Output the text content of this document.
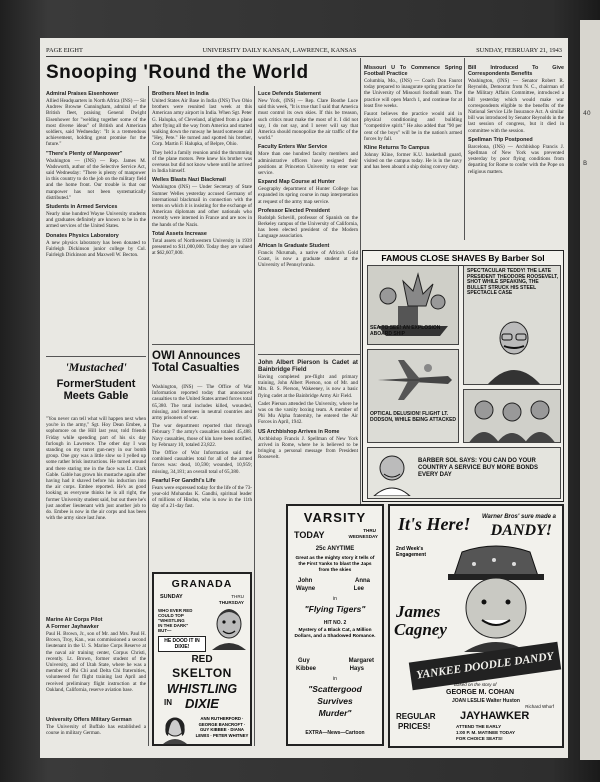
40
B
PAGE EIGHT	UNIVERSITY DAILY KANSAN, LAWRENCE, KANSAS	SUNDAY, FEBRUARY 21, 1943
Snooping 'Round the World
Admiral Praises Eisenhower

Allied Headquarters in North Africa (INS) — Sir Andrew Browne Cunningham, admiral of the British fleet, praising General Dwight Eisenhower for "welding together some of the most diverse ideas" of British and American soldiers, said Wednesday: "It is a tremendous achievement, holding great promise for the future."

"There's Plenty of Manpower"

Washington — (INS) — Rep. James M. Wadsworth, author of the Selective Service Act, said Wednesday: "There is plenty of manpower in this country to do the job on the military field and the home front. Our trouble is that our manpower has not been systematically distributed."

Students in Armed Services

Nearly nine hundred Wayne University students and graduates definitely are known to be in the armed services of the United States.

Donates Physics Laboratory

A new physics laboratory has been donated to Fairleigh Dickinson junior college by Col. Fairleigh Dickinson and Maxwell W. Becton.

Brothers Meet in India

United States Air Base in India (INS) Two Ohio brothers were reunited last week at this American army airport in India. When Sgt. Peter G. Halupka, of Cleveland, alighted from a plane after flying all the way from America and started walking down the runway he heard someone call "Hey, Pete." He turned and spotted his brother, Corp. Martin F. Halupka, of Belpre, Ohio.

They held a family reunion amid the thrumming of the plane motors. Pete knew his brother was overseas but did not know where until he arrived in India himself.

Welles Blasts Nazi Blackmail

Washington (INS) — Under Secretary of State Sumner Welles yesterday accused Germany of international blackmail in connection with the terms on which it is insisting for the exchange of American diplomats and other nationals who recently were interned in France and are now in the hands of the Nazis.

Total Assets Increase

Total assets of Northwestern University in 1939 presented to $11,000,000. Today they are valued at $62,607,000.

Luce Defends Statement

New York, (INS) — Rep. Clare Boothe Luce said this week, "It is true that I said that America must control its own skies. If this be treason, such critics must make the most of it. I did not say, I do not say, and I never will say that America should monopolize the air traffic of the world."

Faculty Enters War Service

More than one hundred faculty members and administrative officers have resigned their positions at Princeton University to enter war service.

Expand Map Course at Hunter

Geography department of Hunter College has expanded its spring course in map interpretation at request of the army map service.

Professor Elected President

Rudolph Schevill, professor of Spanish on the Berkeley campus of the University of California, has been elected president of the Modern Language association.

African Is Graduate Student

Francis Nkrumah, a native of Africa's Gold Coast, is now a graduate student at the University of Pennsylvania.

Missouri U To Commence Spring Football Practice

Columbia, Mo., (INS) — Coach Don Faurot today prepared to inaugurate spring practice for the University of Missouri football team. The practice will open March 1, and continue for at least five weeks.

Faurot believes the practice would aid in physical conditioning and building "competitive spirit." He also added that "90 per cent of the boys" will be in the nation's armed forces by fall.

Kline Returns To Campus

Johnny Kline, former K.U. basketball guard, visited on the campus today. He is in the navy and has been aboard a ship doing convoy duty.

Bill Introduced To Give Correspondents Benefits

Washington, (INS) — Senator Robert R. Reynolds, Democrat from N. C., chairman of the Military Affairs Committee, introduced a bill yesterday which would make war correspondents eligible to the benefits of the National Service Life Insurance Act. A similar bill was introduced by Senator Reynolds in the last session of congress, but it died in committee with the session.

Spellman Trip Postponed

Barcelona, (INS) — Archbishop Francis J. Spellman of New York was prevented yesterday by poor flying conditions from departing for Rome to confer with the Pope on religious matters.

'Mustached'
FormerStudent
Meets Gable

"You never can tell what will happen next when you're in the army," Sgt. Hoy Dean Embee, a sophomore on the Hill last year, told friends Friday while spending part of his six day furlough in Lawrence. The other day I was standing on my turret gun-nery in our bomb group. One guy was a little slow so I yelled up some rather brisk instructions. He turned around and there staring me in the face was Lt. Clark Gable. Gable has grown his mustache again after having had it shaved before his induction into the air corps. Embee reported. He's as good looking as everyone thinks he is all right, the former University student said, but out there he's just another lieutenant with just another job to do. Embee is now in the air corps and has been with the army since last June.

Marine Air Corps Pilot
A Former Jayhawker

Paul H. Brown, Jr., son of Mr. and Mrs. Paul H. Brown, Troy, Kan., was commissioned a second lieutenant in the U. S. Marine Corps Reserve at the naval air training center, Corpus Christi, recently. Lt. Brown, former student of the University, and of Utah State, where he was a member of Phi Chi and Delta Chi fraternities, volunteered for flight training last April and received preliminary flight instruction at the Oakland, California, reserve aviation base.

University Offers Military German

The University of Buffalo has established a course in military German.

OWI Announces
Total Casualties

Washington, (INS) — The Office of War Information reported today that announced casualties to the United States armed forces total 65,380. The total includes killed, wounded, missing, and internees in neutral countries and army prisoners of war.

The war department reported that through February 7 the army's casualties totaled 45,488. Navy casualties, those of kin have been notified, by February 10, totaled 23,822.

The Office of War Information said the combined casualties total for all of the armed forces was: dead, 10,590; wounded, 10,959; missing, 34,181; an overall total of 65,380.

Fearful For Gandhi's Life

Fears were expressed today for the life of the 73-year-old Mohandas K. Gandhi, spiritual leader of millions of Hindus, who is now in the 11th day of a 21-day fast.

John Albert Pierson Is Cadet at Bainbridge Field

Having completed pre-flight and primary training, John Albert Pierson, son of Mr. and Mrs. B. S. Pierson, Wakeeney, is now a basic flying cadet at the Bainbridge Army Air Field.

Cadet Pierson attended the University, where he was on the varsity boxing team. A member of Phi Mu Alpha fraternity, he entered the Air Forces in April, 1942.

US Archbishop Arrives in Rome

Archbishop Francis J. Spellman of New York arrived in Rome, where he is believed to be bringing a personal message from President Roosevelt.

GRANADA
SUNDAY	THRU
THURSDAY
WHO EVER RED
COULD TOP
"WHISTLING
IN THE DARK"
BUT—
HE DOOD IT IN DIXIE!
RED
SKELTON
WHISTLING
IN	DIXIE
ANN RUTHERFORD · GEORGE BANCROFT · GUY KIBBEE · DIANA LEWIS · PETER WHITNEY
VARSITY
TODAY	THRU
WEDNESDAY
25c ANYTIME
Great as the mighty story it tells of the First Yanks to blast the Japs from the skies
John	Anna
Wayne	Lee
in
"Flying Tigers"
HIT NO. 2
Mystery of a Black Cat, a Million Dollars, and a Shadowed Romance.
Guy	Margaret
Kibbee	Hays
in
"Scattergood
Survives
Murder"
EXTRA—News—Cartoon
FAMOUS CLOSE SHAVES By Barber Sol
SEA TO SEE! AN EXPLOSION ABOARD SHIP
SPEC'TACULAR TEDDY! THE LATE PRESIDENT THEODORE ROOSEVELT, SHOT WHILE SPEAKING, THE BULLET STRUCK HIS STEEL SPECTACLE CASE
OPTICAL DELUSION! FLIGHT LT. DODSON, WHILE BEING ATTACKED
BARBER SOL SAYS: YOU CAN DO YOUR COUNTRY A SERVICE BUY MORE BONDS EVERY DAY
It's Here! Warner Bros' sure made a
DANDY!
2nd Week's Engagement
James
Cagney
YANKEE DOODLE DANDY
Based on the story of
GEORGE M. COHAN
JOAN LESLIE Walter Huston
Richard Whorf
REGULAR
PRICES!
JAYHAWKER
ATTEND THE EARLY
1:00 P. M. MATINEE TODAY
FOR CHOICE SEATS!
